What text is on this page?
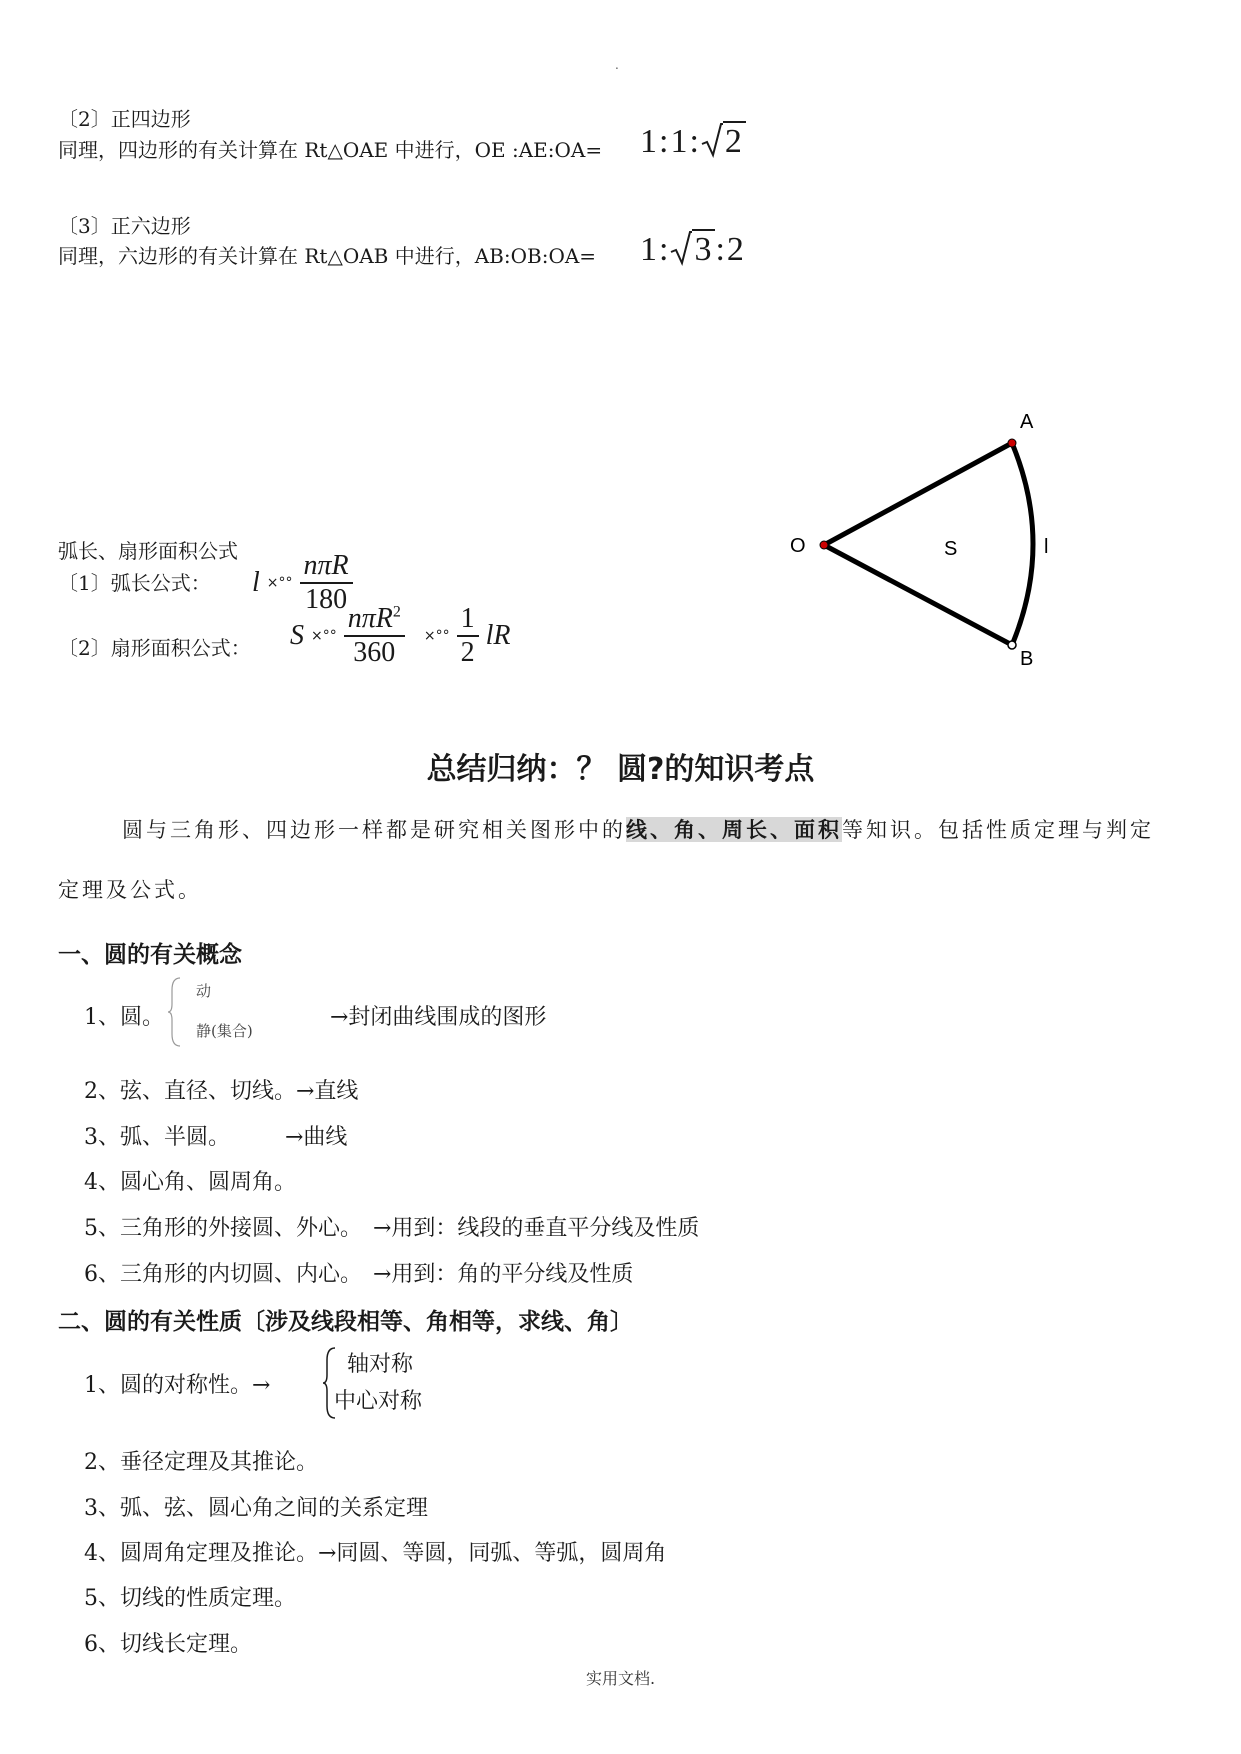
.
〔2〕正四边形
同理，四边形的有关计算在 Rt△OAE 中进行，OE :AE:OA= 1:1: 2
〔3〕正六边形
同理，六边形的有关计算在 Rt△OAB 中进行，AB:OB:OA= 1: 3:2
弧长、扇形面积公式
〔1〕弧长公式： l ×°° $\frac{\text{nπR}}{180}$
〔2〕扇形面积公式： S ×°° $\frac{n\pi R^2}{360}$ ×°° $\frac{1}{2}$ lR
A
O	S	l
B
总结归纳：？ 圆?的知识考点
圆与三角形、四边形一样都是研究相关图形中的线、角、周长、面积等知识。包括性质定理与判定
定理及公式。
一、圆的有关概念
1、圆。
动
静(集合)
→封闭曲线围成的图形
2、弦、直径、切线。→直线
3、弧、半圆。　　　→曲线
4、圆心角、圆周角。
5、三角形的外接圆、外心。　→用到：线段的垂直平分线及性质
6、三角形的内切圆、内心。　→用到：角的平分线及性质
二、圆的有关性质〔涉及线段相等、角相等，求线、角〕
1、圆的对称性。→
轴对称
中心对称
2、垂径定理及其推论。
3、弧、弦、圆心角之间的关系定理
4、圆周角定理及推论。→同圆、等圆，同弧、等弧，圆周角
5、切线的性质定理。
6、切线长定理。
实用文档.
